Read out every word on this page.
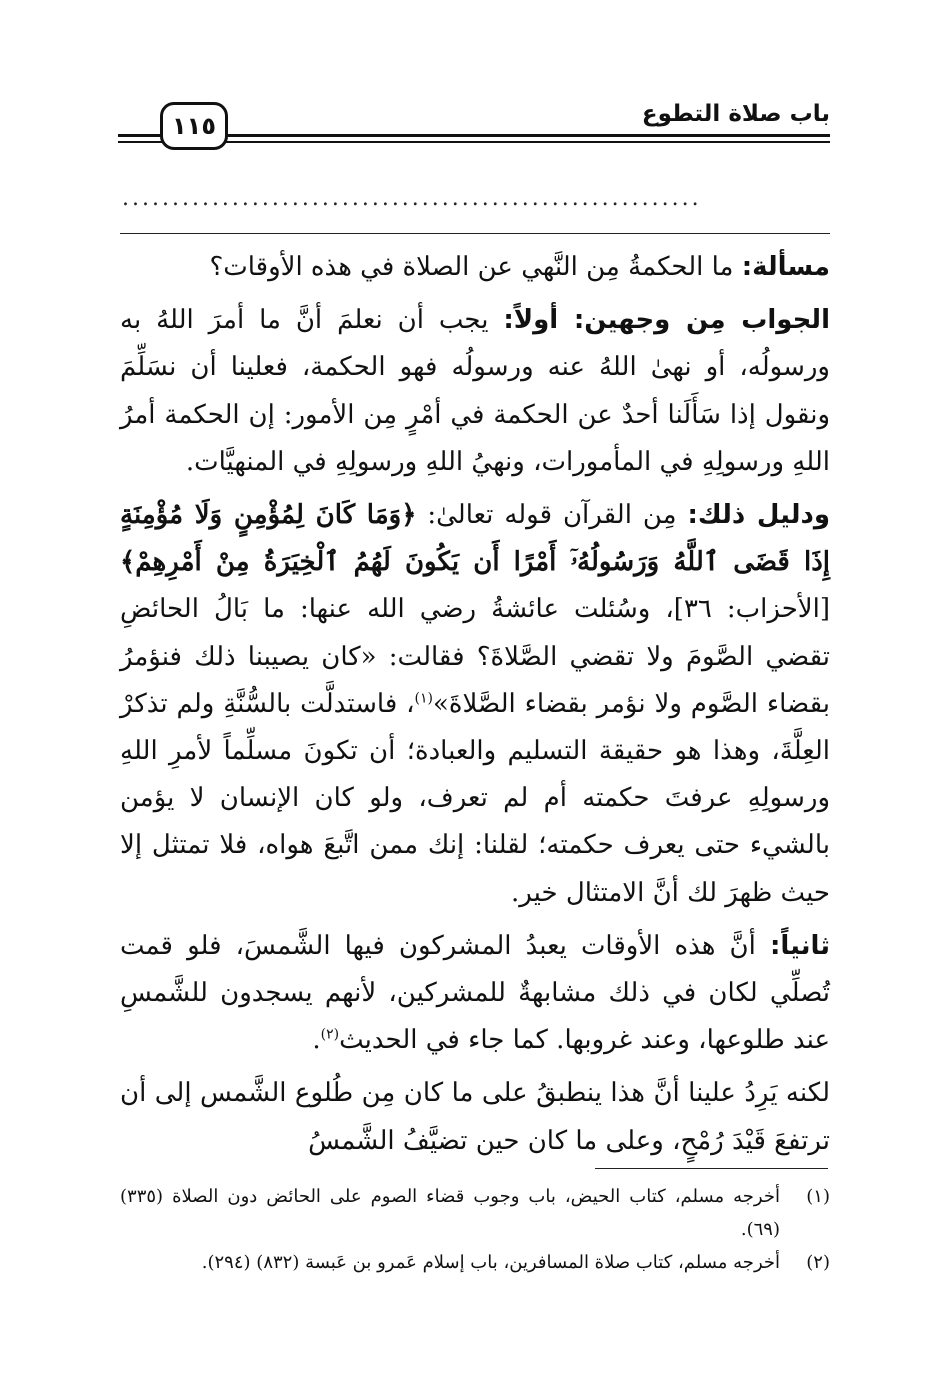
باب صلاة التطوع
١١٥
..........................................................

مسألة: ما الحكمةُ مِن النَّهي عن الصلاة في هذه الأوقات؟

الجواب مِن وجهين: أولاً: يجب أن نعلمَ أنَّ ما أمرَ اللهُ به ورسولُه، أو نهىٰ اللهُ عنه ورسولُه فهو الحكمة، فعلينا أن نسَلِّمَ ونقول إذا سَأَلَنا أحدٌ عن الحكمة في أمْرٍ مِن الأمور: إن الحكمة أمرُ اللهِ ورسولِهِ في المأمورات، ونهيُ اللهِ ورسولِهِ في المنهيَّات.

ودليل ذلك: مِن القرآن قوله تعالىٰ: ﴿وَمَا كَانَ لِمُؤْمِنٍ وَلَا مُؤْمِنَةٍ إِذَا قَضَى ٱللَّهُ وَرَسُولُهُۥٓ أَمْرًا أَن يَكُونَ لَهُمُ ٱلْخِيَرَةُ مِنْ أَمْرِهِمْ﴾ [الأحزاب: ٣٦]، وسُئلت عائشةُ رضي الله عنها: ما بَالُ الحائضِ تقضي الصَّومَ ولا تقضي الصَّلاةَ؟ فقالت: «كان يصيبنا ذلك فنؤمرُ بقضاء الصَّوم ولا نؤمر بقضاء الصَّلاةَ»$^{(١)}$، فاستدلَّت بالسُّنَّةِ ولم تذكرْ العِلَّةَ، وهذا هو حقيقة التسليم والعبادة؛ أن تكونَ مسلِّماً لأمرِ اللهِ ورسولِهِ عرفتَ حكمته أم لم تعرف، ولو كان الإنسان لا يؤمن بالشيء حتى يعرف حكمته؛ لقلنا: إنك ممن اتَّبعَ هواه، فلا تمتثل إلا حيث ظهرَ لك أنَّ الامتثال خير.

ثانياً: أنَّ هذه الأوقات يعبدُ المشركون فيها الشَّمسَ، فلو قمت تُصلِّي لكان في ذلك مشابهةٌ للمشركين، لأنهم يسجدون للشَّمسِ عند طلوعها، وعند غروبها. كما جاء في الحديث$^{(٢)}$.

لكنه يَرِدُ علينا أنَّ هذا ينطبقُ على ما كان مِن طُلوع الشَّمس إلى أن ترتفعَ قَيْدَ رُمْحٍ، وعلى ما كان حين تضيَّفُ الشَّمسُ

(١)
أخرجه مسلم، كتاب الحيض، باب وجوب قضاء الصوم على الحائض دون الصلاة (٣٣٥) (٦٩).
(٢)
أخرجه مسلم، كتاب صلاة المسافرين، باب إسلام عَمرو بن عَبسة (٨٣٢) (٢٩٤).
